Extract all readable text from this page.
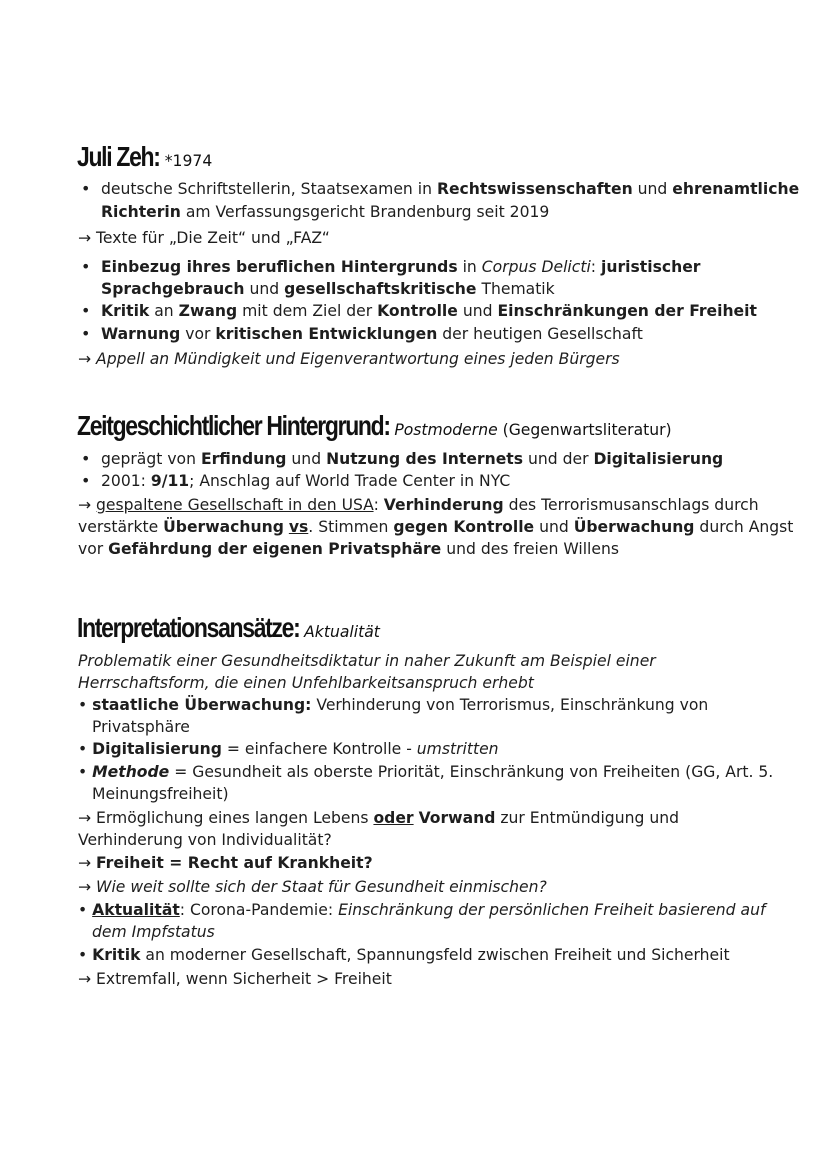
Juli Zeh: *1974
• deutsche Schriftstellerin, Staatsexamen in Rechtswissenschaften und ehrenamtliche
Richterin am Verfassungsgericht Brandenburg seit 2019
→ Texte für „Die Zeit“ und „FAZ“
• Einbezug ihres beruflichen Hintergrunds in Corpus Delicti: juristischer
Sprachgebrauch und gesellschaftskritische Thematik
• Kritik an Zwang mit dem Ziel der Kontrolle und Einschränkungen der Freiheit
• Warnung vor kritischen Entwicklungen der heutigen Gesellschaft
→ Appell an Mündigkeit und Eigenverantwortung eines jeden Bürgers
Zeitgeschichtlicher Hintergrund: Postmoderne (Gegenwartsliteratur)
• geprägt von Erfindung und Nutzung des Internets und der Digitalisierung
• 2001: 9/11; Anschlag auf World Trade Center in NYC
→ gespaltene Gesellschaft in den USA: Verhinderung des Terrorismusanschlags durch
verstärkte Überwachung vs. Stimmen gegen Kontrolle und Überwachung durch Angst
vor Gefährdung der eigenen Privatsphäre und des freien Willens
Interpretationsansätze: Aktualität
Problematik einer Gesundheitsdiktatur in naher Zukunft am Beispiel einer
Herrschaftsform, die einen Unfehlbarkeitsanspruch erhebt
• staatliche Überwachung: Verhinderung von Terrorismus, Einschränkung von
Privatsphäre
• Digitalisierung = einfachere Kontrolle - umstritten
• Methode = Gesundheit als oberste Priorität, Einschränkung von Freiheiten (GG, Art. 5.
Meinungsfreiheit)
→ Ermöglichung eines langen Lebens oder Vorwand zur Entmündigung und
Verhinderung von Individualität?
→ Freiheit = Recht auf Krankheit?
→ Wie weit sollte sich der Staat für Gesundheit einmischen?
• Aktualität: Corona-Pandemie: Einschränkung der persönlichen Freiheit basierend auf
dem Impfstatus
• Kritik an moderner Gesellschaft, Spannungsfeld zwischen Freiheit und Sicherheit
→ Extremfall, wenn Sicherheit > Freiheit
